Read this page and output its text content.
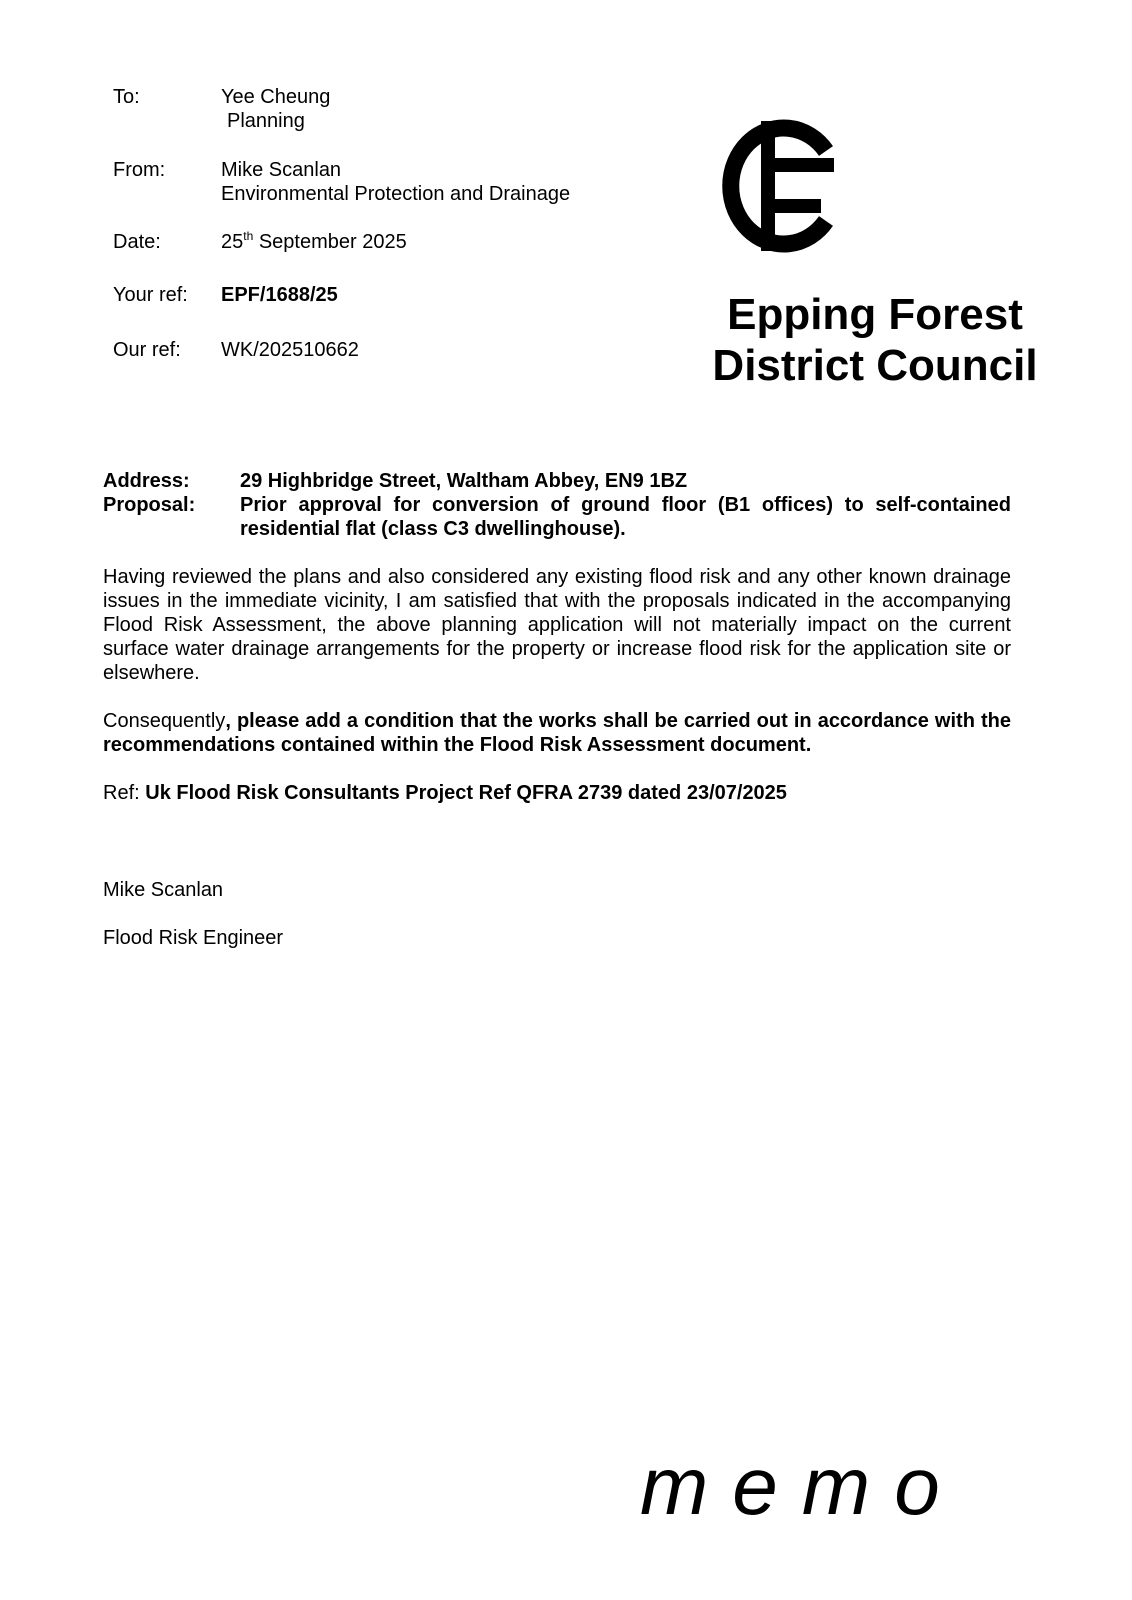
To:	Yee Cheung
Planning
From:	Mike Scanlan
Environmental Protection and Drainage
Date:	25th September 2025
Your ref: EPF/1688/25
Our ref: WK/202510662
Epping Forest
District Council
Address:	29 Highbridge Street, Waltham Abbey, EN9 1BZ
Proposal: Prior approval for conversion of ground floor (B1 offices) to self-contained residential flat (class C3 dwellinghouse).

Having reviewed the plans and also considered any existing flood risk and any other known drainage issues in the immediate vicinity, I am satisfied that with the proposals indicated in the accompanying Flood Risk Assessment, the above planning application will not materially impact on the current surface water drainage arrangements for the property or increase flood risk for the application site or elsewhere.

Consequently, please add a condition that the works shall be carried out in accordance with the recommendations contained within the Flood Risk Assessment document.

Ref: Uk Flood Risk Consultants Project Ref QFRA 2739 dated 23/07/2025

Mike Scanlan
Flood Risk Engineer
memo
